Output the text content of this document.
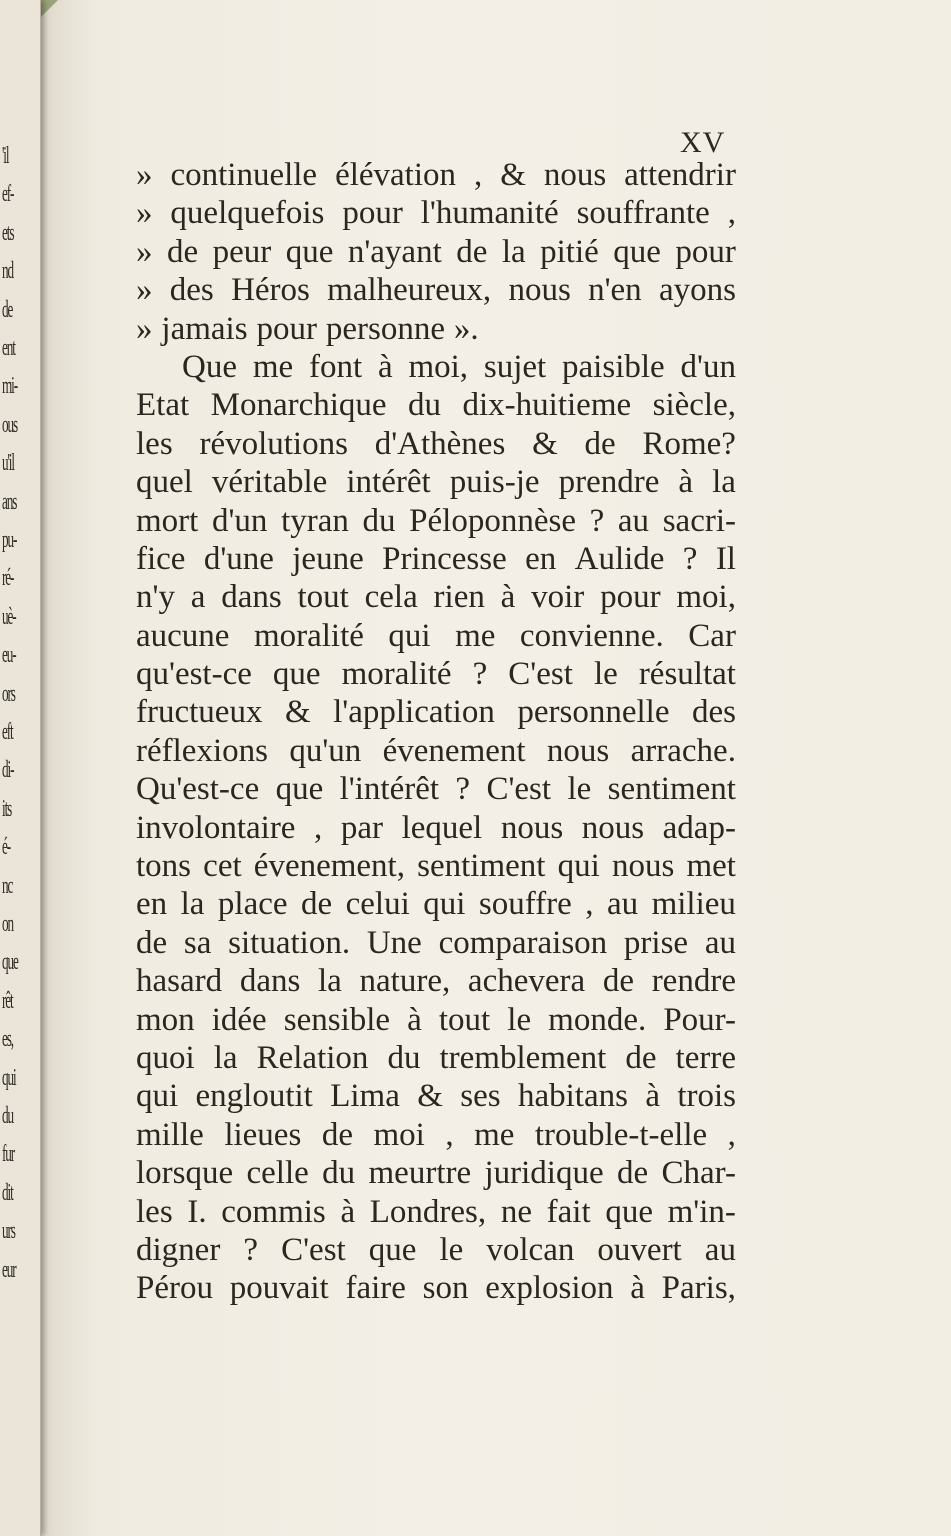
XV
» continuelle élévation , & nous attendrir
» quelquefois pour l'humanité souffrante ,
» de peur que n'ayant de la pitié que pour
» des Héros malheureux, nous n'en ayons
» jamais pour personne ».
Que me font à moi, sujet paisible d'un
Etat Monarchique du dix-huitieme siècle,
les révolutions d'Athènes & de Rome?
quel véritable intérêt puis-je prendre à la
mort d'un tyran du Péloponnèse ? au sacri-
fice d'une jeune Princesse en Aulide ? Il
n'y a dans tout cela rien à voir pour moi,
aucune moralité qui me convienne. Car
qu'est-ce que moralité ? C'est le résultat
fructueux & l'application personnelle des
réflexions qu'un évenement nous arrache.
Qu'est-ce que l'intérêt ? C'est le sentiment
involontaire , par lequel nous nous adap-
tons cet évenement, sentiment qui nous met
en la place de celui qui souffre , au milieu
de sa situation. Une comparaison prise au
hasard dans la nature, achevera de rendre
mon idée sensible à tout le monde. Pour-
quoi la Relation du tremblement de terre
qui engloutit Lima & ses habitans à trois
mille lieues de moi , me trouble-t-elle ,
lorsque celle du meurtre juridique de Char-
les I. commis à Londres, ne fait que m'in-
digner ? C'est que le volcan ouvert au
Pérou pouvait faire son explosion à Paris,
'il
ef-
ets
nd
de
ent
mi-
ous
u'il
ans
pu-
ré-
uè-
eu-
ors
eft
di-
its
é-
nc
on
que
rêt
es,
qui
du
fur
dit
urs
eur
